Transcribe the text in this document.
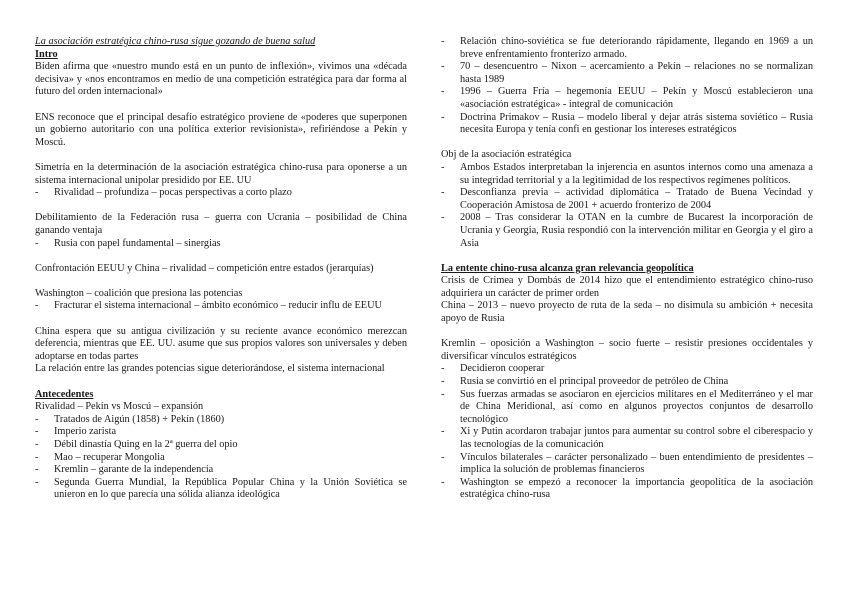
La asociación estratégica chino-rusa sigue gozando de buena salud

Intro

Biden afirma que «nuestro mundo está en un punto de inflexión», vivimos una «década decisiva» y «nos encontramos en medio de una competición estratégica para dar forma al futuro del orden internacional»

ENS reconoce que el principal desafío estratégico proviene de «poderes que superponen un gobierno autoritario con una política exterior revisionista», refiriéndose a Pekín y Moscú.

Simetría en la determinación de la asociación estratégica chino-rusa para oponerse a un sistema internacional unipolar presidido por EE. UU

- Rivalidad – profundiza – pocas perspectivas a corto plazo

Debilitamiento de la Federación rusa – guerra con Ucrania – posibilidad de China ganando ventaja

- Rusia con papel fundamental – sinergias

Confrontación EEUU y China – rivalidad – competición entre estados (jerarquías)

Washington – coalición que presiona las potencias

- Fracturar el sistema internacional – ámbito económico – reducir influ de EEUU

China espera que su antigua civilización y su reciente avance económico merezcan deferencia, mientras que EE. UU. asume que sus propios valores son universales y deben adoptarse en todas partes

La relación entre las grandes potencias sigue deteriorándose, el sistema internacional

Antecedentes

Rivalidad – Pekín vs Moscú – expansión

- Tratados de Aigún (1858) + Pekín (1860)
- Imperio zarista
- Débil dinastía Quing en la 2ª guerra del opio
- Mao – recuperar Mongolia
- Kremlin – garante de la independencia
- Segunda Guerra Mundial, la República Popular China y la Unión Soviética se unieron en lo que parecía una sólida alianza ideológica
- Relación chino-soviética se fue deteriorando rápidamente, llegando en 1969 a un breve enfrentamiento fronterizo armado.
- 70 – desencuentro – Nixon – acercamiento a Pekín – relaciones no se normalizan hasta 1989
- 1996 – Guerra Fría – hegemonía EEUU – Pekín y Moscú establecieron una «asociación estratégica» - integral de comunicación
- Doctrina Primakov – Rusia – modelo liberal y dejar atrás sistema soviético – Rusia necesita Europa y tenía confi en gestionar los intereses estratégicos

Obj de la asociación estratégica

- Ambos Estados interpretaban la injerencia en asuntos internos como una amenaza a su integridad territorial y a la legitimidad de los respectivos regímenes políticos.
- Desconfianza previa – actividad diplomática – Tratado de Buena Vecindad y Cooperación Amistosa de 2001 + acuerdo fronterizo de 2004
- 2008 – Tras considerar la OTAN en la cumbre de Bucarest la incorporación de Ucrania y Georgia, Rusia respondió con la intervención militar en Georgia y el giro a Asia

La entente chino-rusa alcanza gran relevancia geopolítica

Crisis de Crimea y Dombás de 2014 hizo que el entendimiento estratégico chino-ruso adquiriera un carácter de primer orden

China – 2013 – nuevo proyecto de ruta de la seda – no disimula su ambición + necesita apoyo de Rusia

Kremlin – oposición a Washington – socio fuerte – resistir presiones occidentales y diversificar vínculos estratégicos

- Decidieron cooperar
- Rusia se convirtió en el principal proveedor de petróleo de China
- Sus fuerzas armadas se asociaron en ejercicios militares en el Mediterráneo y el mar de China Meridional, así como en algunos proyectos conjuntos de desarrollo tecnológico
- Xi y Putin acordaron trabajar juntos para aumentar su control sobre el ciberespacio y las tecnologías de la comunicación
- Vínculos bilaterales – carácter personalizado – buen entendimiento de presidentes – implica la solución de problemas financieros
- Washington se empezó a reconocer la importancia geopolítica de la asociación estratégica chino-rusa
